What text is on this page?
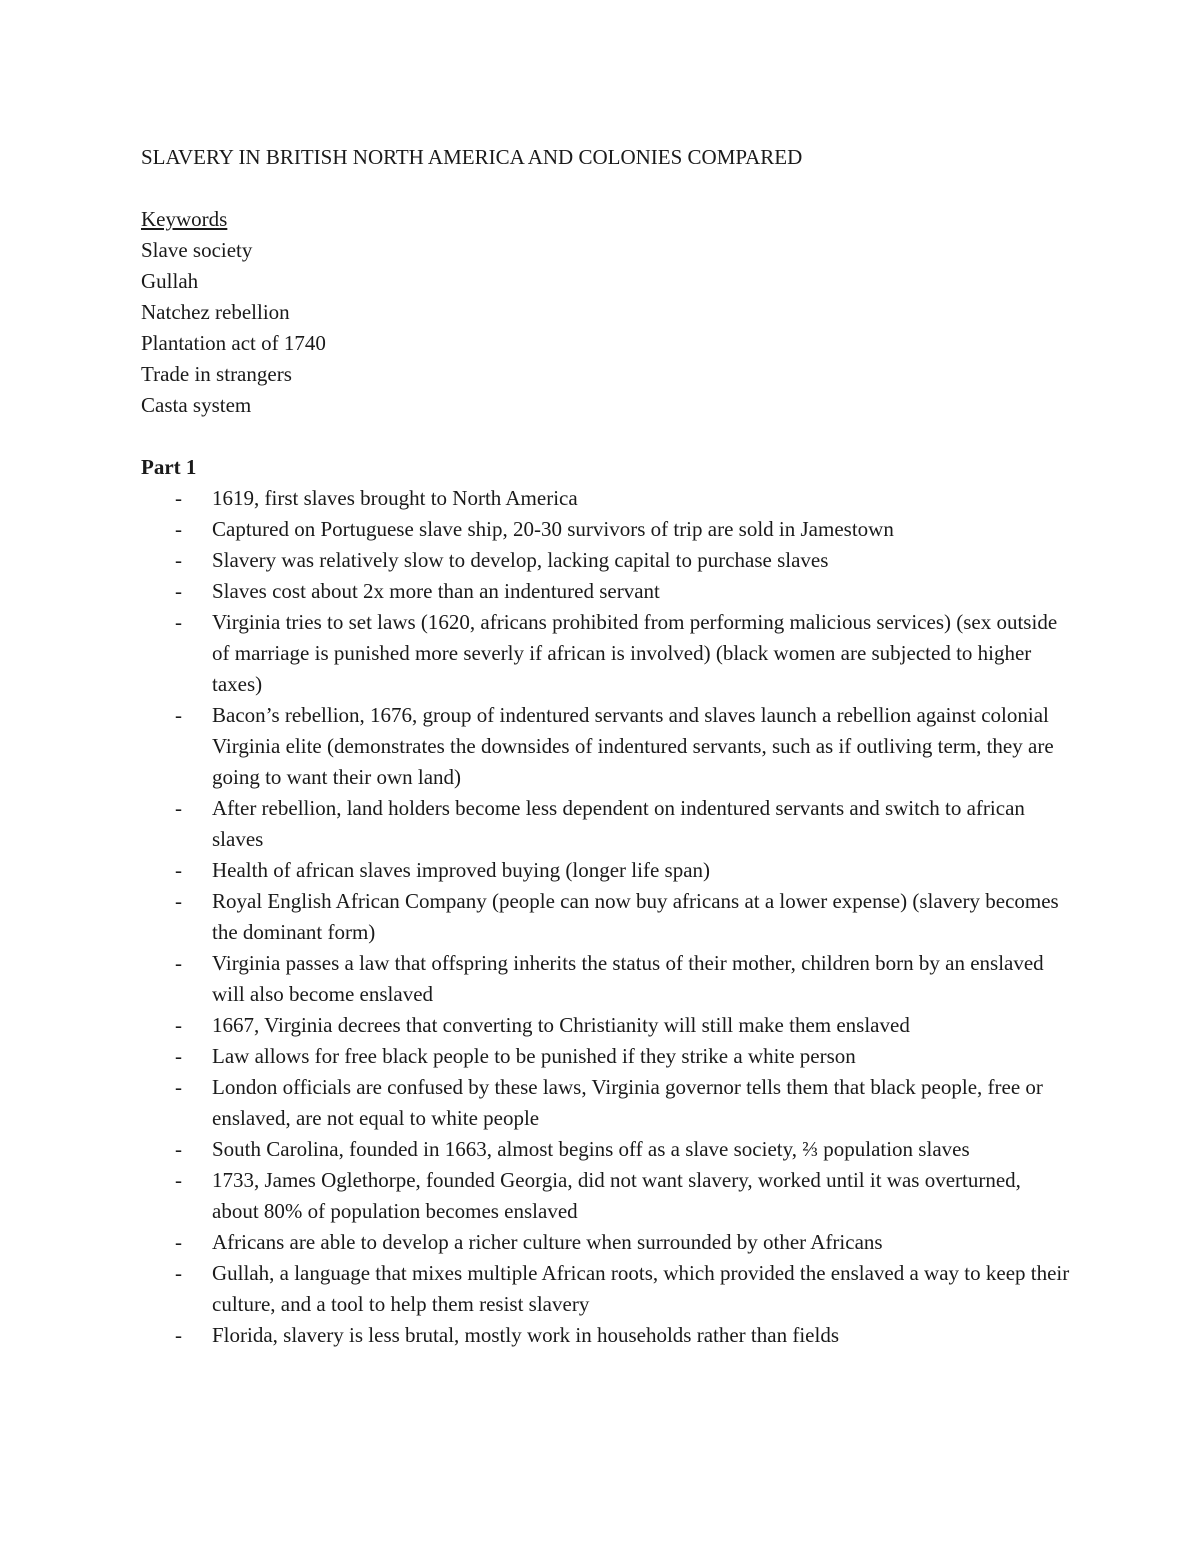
SLAVERY IN BRITISH NORTH AMERICA AND COLONIES COMPARED
Keywords
Slave society
Gullah
Natchez rebellion
Plantation act of 1740
Trade in strangers
Casta system
Part 1
- 1619, first slaves brought to North America
- Captured on Portuguese slave ship, 20-30 survivors of trip are sold in Jamestown
- Slavery was relatively slow to develop, lacking capital to purchase slaves
- Slaves cost about 2x more than an indentured servant
- Virginia tries to set laws (1620, africans prohibited from performing malicious services) (sex outside of marriage is punished more severly if african is involved) (black women are subjected to higher taxes)
- Bacon’s rebellion, 1676, group of indentured servants and slaves launch a rebellion against colonial Virginia elite (demonstrates the downsides of indentured servants, such as if outliving term, they are going to want their own land)
- After rebellion, land holders become less dependent on indentured servants and switch to african slaves
- Health of african slaves improved buying (longer life span)
- Royal English African Company (people can now buy africans at a lower expense) (slavery becomes the dominant form)
- Virginia passes a law that offspring inherits the status of their mother, children born by an enslaved will also become enslaved
- 1667, Virginia decrees that converting to Christianity will still make them enslaved
- Law allows for free black people to be punished if they strike a white person
- London officials are confused by these laws, Virginia governor tells them that black people, free or enslaved, are not equal to white people
- South Carolina, founded in 1663, almost begins off as a slave society, ⅔ population slaves
- 1733, James Oglethorpe, founded Georgia, did not want slavery, worked until it was overturned, about 80% of population becomes enslaved
- Africans are able to develop a richer culture when surrounded by other Africans
- Gullah, a language that mixes multiple African roots, which provided the enslaved a way to keep their culture, and a tool to help them resist slavery
- Florida, slavery is less brutal, mostly work in households rather than fields
